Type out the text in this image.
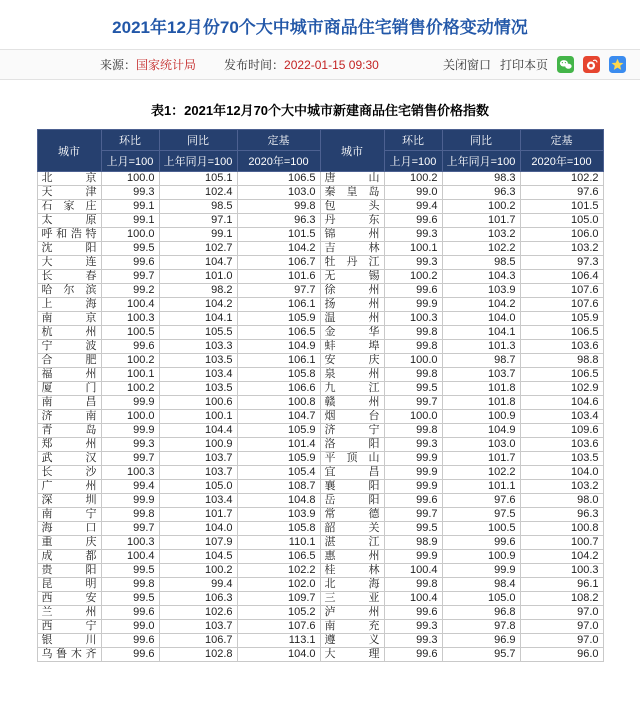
2021年12月份70个大中城市商品住宅销售价格变动情况
来源：国家统计局 发布时间：2022-01-15 09:30	关闭窗口 打印本页
表1：2021年12月70个大中城市新建商品住宅销售价格指数
城市	环比	同比	定基	城市	环比	同比	定基
	上月=100	上年同月=100	2020年=100		上月=100	上年同月=100	2020年=100
北京	100.0	105.1	106.5	唐山	100.2	98.3	102.2
天津	99.3	102.4	103.0	秦皇岛	99.0	96.3	97.6
石家庄	99.1	98.5	99.8	包头	99.4	100.2	101.5
太原	99.1	97.1	96.3	丹东	99.6	101.7	105.0
呼和浩特	100.0	99.1	101.5	锦州	99.3	103.2	106.0
沈阳	99.5	102.7	104.2	吉林	100.1	102.2	103.2
大连	99.6	104.7	106.7	牡丹江	99.3	98.5	97.3
长春	99.7	101.0	101.6	无锡	100.2	104.3	106.4
哈尔滨	99.2	98.2	97.7	徐州	99.6	103.9	107.6
上海	100.4	104.2	106.1	扬州	99.9	104.2	107.6
南京	100.3	104.1	105.9	温州	100.3	104.0	105.9
杭州	100.5	105.5	106.5	金华	99.8	104.1	106.5
宁波	99.6	103.3	104.9	蚌埠	99.8	101.3	103.6
合肥	100.2	103.5	106.1	安庆	100.0	98.7	98.8
福州	100.1	103.4	105.8	泉州	99.8	103.7	106.5
厦门	100.2	103.5	106.6	九江	99.5	101.8	102.9
南昌	99.9	100.6	100.8	赣州	99.7	101.8	104.6
济南	100.0	100.1	104.7	烟台	100.0	100.9	103.4
青岛	99.9	104.4	105.9	济宁	99.8	104.9	109.6
郑州	99.3	100.9	101.4	洛阳	99.3	103.0	103.6
武汉	99.7	103.7	105.9	平顶山	99.9	101.7	103.5
长沙	100.3	103.7	105.4	宜昌	99.9	102.2	104.0
广州	99.4	105.0	108.7	襄阳	99.9	101.1	103.2
深圳	99.9	103.4	104.8	岳阳	99.6	97.6	98.0
南宁	99.8	101.7	103.9	常德	99.7	97.5	96.3
海口	99.7	104.0	105.8	韶关	99.5	100.5	100.8
重庆	100.3	107.9	110.1	湛江	98.9	99.6	100.7
成都	100.4	104.5	106.5	惠州	99.9	100.9	104.2
贵阳	99.5	100.2	102.2	桂林	100.4	99.9	100.3
昆明	99.8	99.4	102.0	北海	99.8	98.4	96.1
西安	99.5	106.3	109.7	三亚	100.4	105.0	108.2
兰州	99.6	102.6	105.2	泸州	99.6	96.8	97.0
西宁	99.0	103.7	107.6	南充	99.3	97.8	97.0
银川	99.6	106.7	113.1	遵义	99.3	96.9	97.0
乌鲁木齐	99.6	102.8	104.0	大理	99.6	95.7	96.0
